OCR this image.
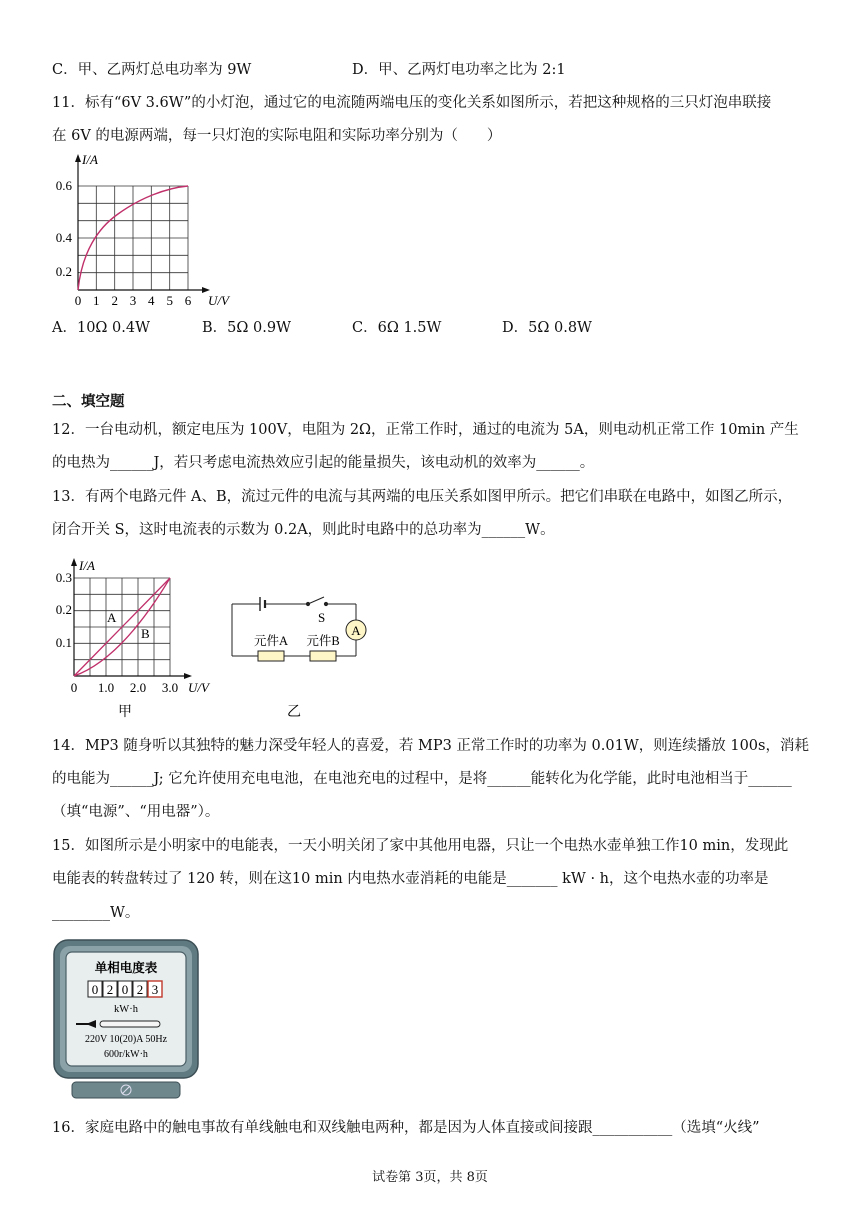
C．甲、乙两灯总电功率为 9W	D．甲、乙两灯电功率之比为 2:1
11．标有“6V 3.6W”的小灯泡，通过它的电流随两端电压的变化关系如图所示，若把这种规格的三只灯泡串联接
在 6V 的电源两端，每一只灯泡的实际电阻和实际功率分别为（　　）
I/A
0.2
0.4
0.6
0 1 2 3 4 5 6 U/V
A．10Ω 0.4W	B．5Ω 0.9W	C．6Ω 1.5W	D．5Ω 0.8W
二、填空题
12．一台电动机，额定电压为 100V，电阻为 2Ω，正常工作时，通过的电流为 5A，则电动机正常工作 10min 产生
的电热为______J，若只考虑电流热效应引起的能量损失，该电动机的效率为______。
13．有两个电路元件 A、B，流过元件的电流与其两端的电压关系如图甲所示。把它们串联在电路中，如图乙所示，
闭合开关 S，这时电流表的示数为 0.2A，则此时电路中的总功率为______W。
A
B
I/A
0.1
0.2
0.3
0 1.0 2.0 3.0 U/V
甲
A
S
元件A 元件B
乙
14．MP3 随身听以其独特的魅力深受年轻人的喜爱，若 MP3 正常工作时的功率为 0.01W，则连续播放 100s，消耗
的电能为______J; 它允许使用充电电池，在电池充电的过程中，是将______能转化为化学能，此时电池相当于______
（填“电源”、“用电器”）。
15．如图所示是小明家中的电能表，一天小明关闭了家中其他用电器，只让一个电热水壶单独工作10 min，发现此
电能表的转盘转过了 120 转，则在这10 min 内电热水壶消耗的电能是_______ kW · h，这个电热水壶的功率是
________W。
单相电度表
0 2 0 2 3
kW·h
220V 10(20)A 50Hz
600r/kW·h
16．家庭电路中的触电事故有单线触电和双线触电两种，都是因为人体直接或间接跟___________（选填“火线”
试卷第 3页，共 8页
